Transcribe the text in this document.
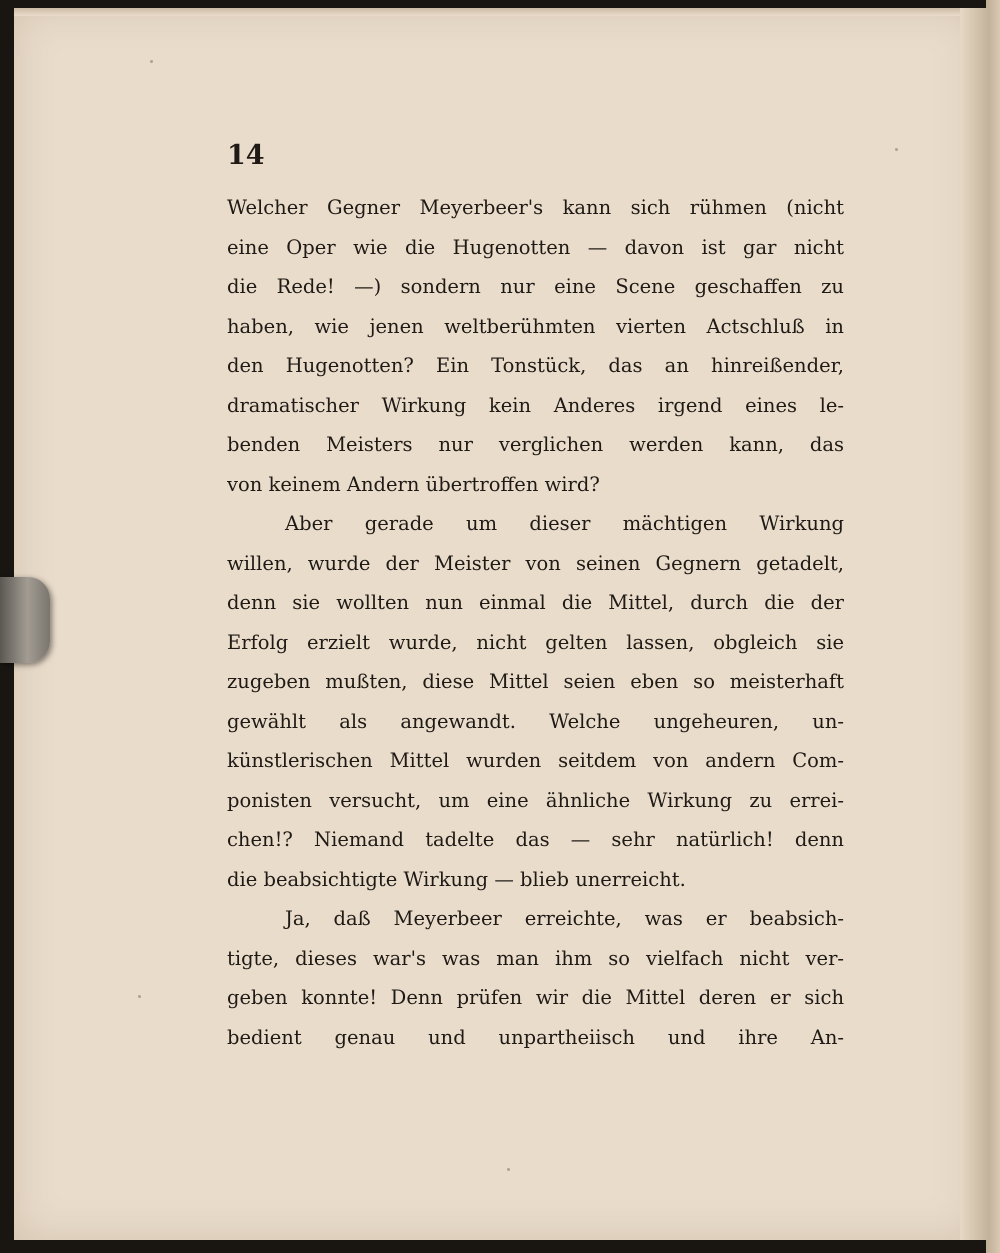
14
Welcher Gegner Meyerbeer's kann sich rühmen (nicht
eine Oper wie die Hugenotten — davon ist gar nicht
die Rede! —) sondern nur eine Scene geschaffen zu
haben, wie jenen weltberühmten vierten Actschluß in
den Hugenotten? Ein Tonstück, das an hinreißender,
dramatischer Wirkung kein Anderes irgend eines le-
benden Meisters nur verglichen werden kann, das
von keinem Andern übertroffen wird?
Aber gerade um dieser mächtigen Wirkung
willen, wurde der Meister von seinen Gegnern getadelt,
denn sie wollten nun einmal die Mittel, durch die der
Erfolg erzielt wurde, nicht gelten lassen, obgleich sie
zugeben mußten, diese Mittel seien eben so meisterhaft
gewählt als angewandt. Welche ungeheuren, un-
künstlerischen Mittel wurden seitdem von andern Com-
ponisten versucht, um eine ähnliche Wirkung zu errei-
chen!? Niemand tadelte das — sehr natürlich! denn
die beabsichtigte Wirkung — blieb unerreicht.
Ja, daß Meyerbeer erreichte, was er beabsich-
tigte, dieses war's was man ihm so vielfach nicht ver-
geben konnte! Denn prüfen wir die Mittel deren er sich
bedient genau und unpartheiisch und ihre An-
